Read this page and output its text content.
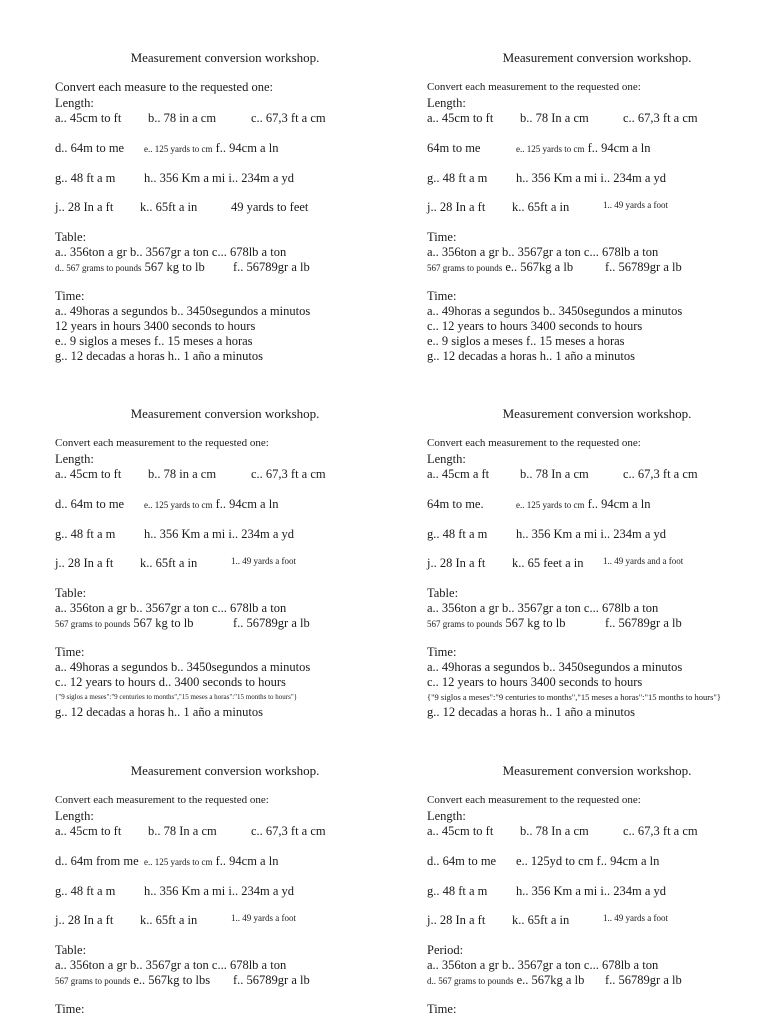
Measurement conversion workshop.
Convert each measure to the requested one:
Length:
a.. 45cm to ft b.. 78 in a cm	c.. 67,3 ft a cm
d.. 64m to me e.. 125 yards to cm f.. 94cm a ln
g.. 48 ft a m h.. 356 Km a mi i.. 234m a yd
j.. 28 In a ft k.. 65ft a in	49 yards to feet
Table:
a.. 356ton a gr b.. 3567gr a ton c... 678lb a ton
d.. 567 grams to pounds 567 kg to lb f.. 56789gr a lb
Time:
a.. 49horas a segundos b.. 3450segundos a minutos
12 years in hours 3400 seconds to hours
e.. 9 siglos a meses f.. 15 meses a horas
g.. 12 decadas a horas h.. 1 año a minutos
Measurement conversion workshop.
Convert each measurement to the requested one:
Length:
a.. 45cm to ft b.. 78 In a cm	c.. 67,3 ft a cm
64m to me	e.. 125 yards to cm f.. 94cm a ln
g.. 48 ft a m h.. 356 Km a mi i.. 234m a yd
j.. 28 In a ft k.. 65ft a in	1.. 49 yards a foot
Time:
a.. 356ton a gr b.. 3567gr a ton c... 678lb a ton
567 grams to pounds e.. 567kg a lb	f.. 56789gr a lb
Time:
a.. 49horas a segundos b.. 3450segundos a minutos
c.. 12 years to hours 3400 seconds to hours
e.. 9 siglos a meses f.. 15 meses a horas
g.. 12 decadas a horas h.. 1 año a minutos
Measurement conversion workshop.
Convert each measurement to the requested one:
Length:
a.. 45cm to ft b.. 78 in a cm	c.. 67,3 ft a cm
d.. 64m to me e.. 125 yards to cm f.. 94cm a ln
g.. 48 ft a m h.. 356 Km a mi i.. 234m a yd
j.. 28 In a ft k.. 65ft a in	1.. 49 yards a foot
Table:
a.. 356ton a gr b.. 3567gr a ton c... 678lb a ton
567 grams to pounds 567 kg to lb	f.. 56789gr a lb
Time:
a.. 49horas a segundos b.. 3450segundos a minutos
c.. 12 years to hours d.. 3400 seconds to hours
{"9 siglos a meses":"9 centuries to months","15 meses a horas":"15 months to hours"}
g.. 12 decadas a horas h.. 1 año a minutos
Measurement conversion workshop.
Convert each measurement to the requested one:
Length:
a.. 45cm a ft b.. 78 In a cm	c.. 67,3 ft a cm
64m to me.	e.. 125 yards to cm f.. 94cm a ln
g.. 48 ft a m h.. 356 Km a mi i.. 234m a yd
j.. 28 In a ft k.. 65 feet a in 1.. 49 yards and a foot
Table:
a.. 356ton a gr b.. 3567gr a ton c... 678lb a ton
567 grams to pounds 567 kg to lb	f.. 56789gr a lb
Time:
a.. 49horas a segundos b.. 3450segundos a minutos
c.. 12 years to hours 3400 seconds to hours
{"9 siglos a meses":"9 centuries to months","15 meses a horas":"15 months to hours"}
g.. 12 decadas a horas h.. 1 año a minutos
Measurement conversion workshop.
Convert each measurement to the requested one:
Length:
a.. 45cm to ft b.. 78 In a cm	c.. 67,3 ft a cm
d.. 64m from me e.. 125 yards to cm f.. 94cm a ln
g.. 48 ft a m h.. 356 Km a mi i.. 234m a yd
j.. 28 In a ft k.. 65ft a in	1.. 49 yards a foot
Table:
a.. 356ton a gr b.. 3567gr a ton c... 678lb a ton
567 grams to pounds e.. 567kg to lbs f.. 56789gr a lb
Time:
Measurement conversion workshop.
Convert each measurement to the requested one:
Length:
a.. 45cm to ft b.. 78 In a cm	c.. 67,3 ft a cm
d.. 64m to me e.. 125yd to cm f.. 94cm a ln
g.. 48 ft a m h.. 356 Km a mi i.. 234m a yd
j.. 28 In a ft k.. 65ft a in	1.. 49 yards a foot
Period:
a.. 356ton a gr b.. 3567gr a ton c... 678lb a ton
d.. 567 grams to pounds e.. 567kg a lb f.. 56789gr a lb
Time:
